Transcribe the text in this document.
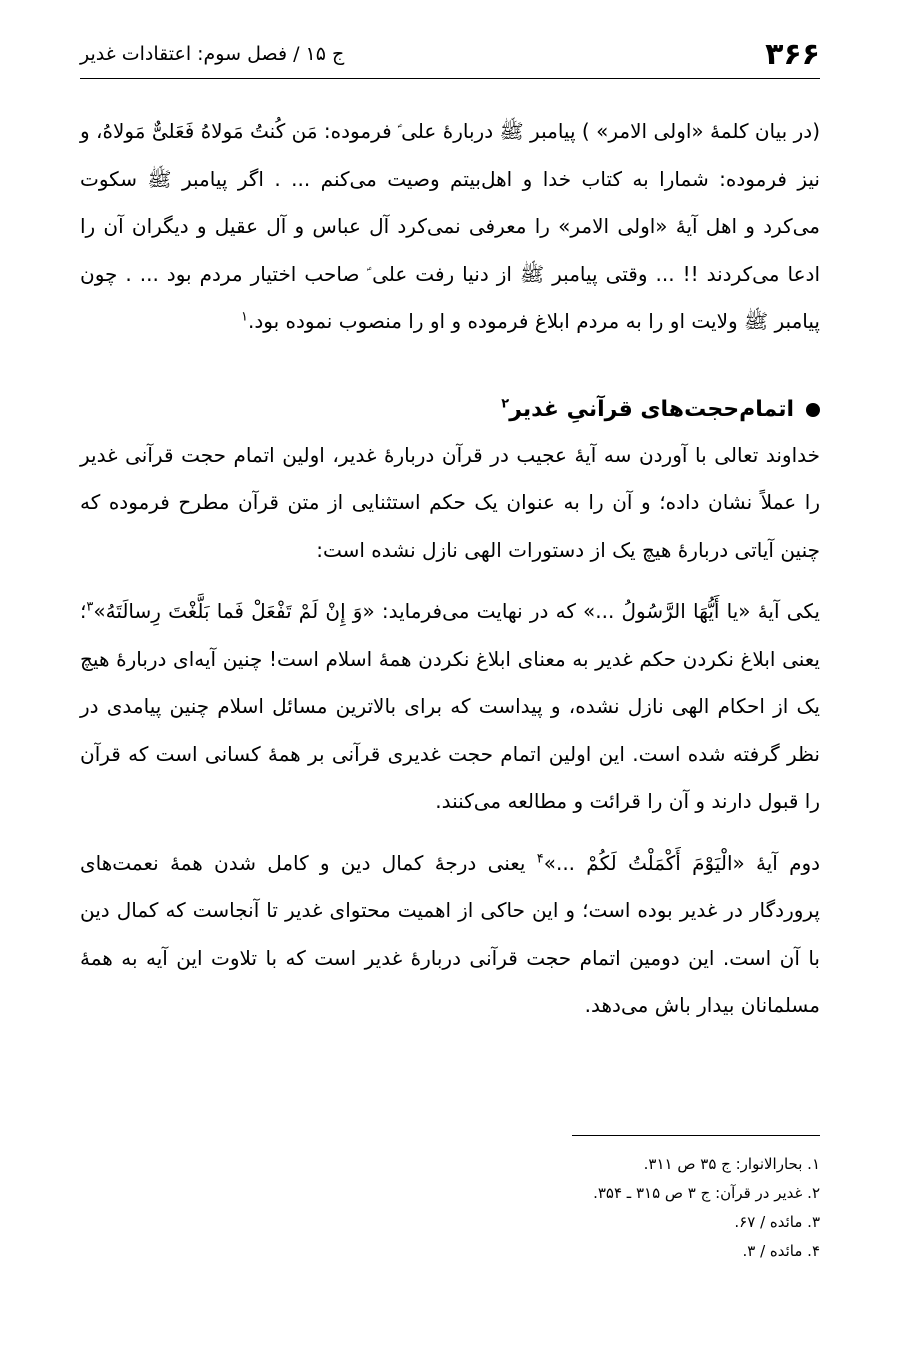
۳۶۶
ج ۱۵ / فصل سوم: اعتقادات غدیر

(در بیان کلمهٔ «اولی الامر» ) پیامبر ﷺ دربارهٔ علی ؑ فرموده: مَن کُنتُ مَولاهُ فَعَلیٌّ مَولاهُ، و نیز فرموده: شمارا به کتاب خدا و اهل‌بیتم وصیت می‌کنم ... . اگر پیامبر ﷺ سکوت می‌کرد و اهل آیهٔ «اولی الامر» را معرفی نمی‌کرد آل عباس و آل عقیل و دیگران آن را ادعا می‌کردند !! ... وقتی پیامبر ﷺ از دنیا رفت علی ؑ صاحب اختیار مردم بود ... . چون پیامبر ﷺ ولایت او را به مردم ابلاغ فرموده و او را منصوب نموده بود.$^۱$

اتمام‌حجت‌های قرآنیِ غدیر$^۲$

خداوند تعالی با آوردن سه آیهٔ عجیب در قرآن دربارهٔ غدیر، اولین اتمام حجت قرآنی غدیر را عملاً نشان داده؛ و آن را به عنوان یک حکم استثنایی از متن قرآن مطرح فرموده که چنین آیاتی دربارهٔ هیچ یک از دستورات الهی نازل نشده است:

یکی آیهٔ «یا أَیُّهَا الرَّسُولُ ...» که در نهایت می‌فرماید: «وَ إِنْ لَمْ تَفْعَلْ فَما بَلَّغْتَ رِسالَتَهُ»$^۳$؛ یعنی ابلاغ نکردن حکم غدیر به معنای ابلاغ نکردن همهٔ اسلام است! چنین آیه‌ای دربارهٔ هیچ یک از احکام الهی نازل نشده، و پیداست که برای بالاترین مسائل اسلام چنین پیامدی در نظر گرفته شده است. این اولین اتمام حجت غدیری قرآنی بر همهٔ کسانی است که قرآن را قبول دارند و آن را قرائت و مطالعه می‌کنند.

دوم آیهٔ «الْیَوْمَ أَکْمَلْتُ لَکُمْ ...»$^۴$ یعنی درجهٔ کمال دین و کامل شدن همهٔ نعمت‌های پروردگار در غدیر بوده است؛ و این حاکی از اهمیت محتوای غدیر تا آنجاست که کمال دین با آن است. این دومین اتمام حجت قرآنی دربارهٔ غدیر است که با تلاوت این آیه به همهٔ مسلمانان بیدار باش می‌دهد.

۱. بحارالانوار: ج ۳۵ ص ۳۱۱.

۲. غدیر در قرآن: ج ۳ ص ۳۱۵ ـ ۳۵۴.

۳. مائده / ۶۷.

۴. مائده / ۳.
